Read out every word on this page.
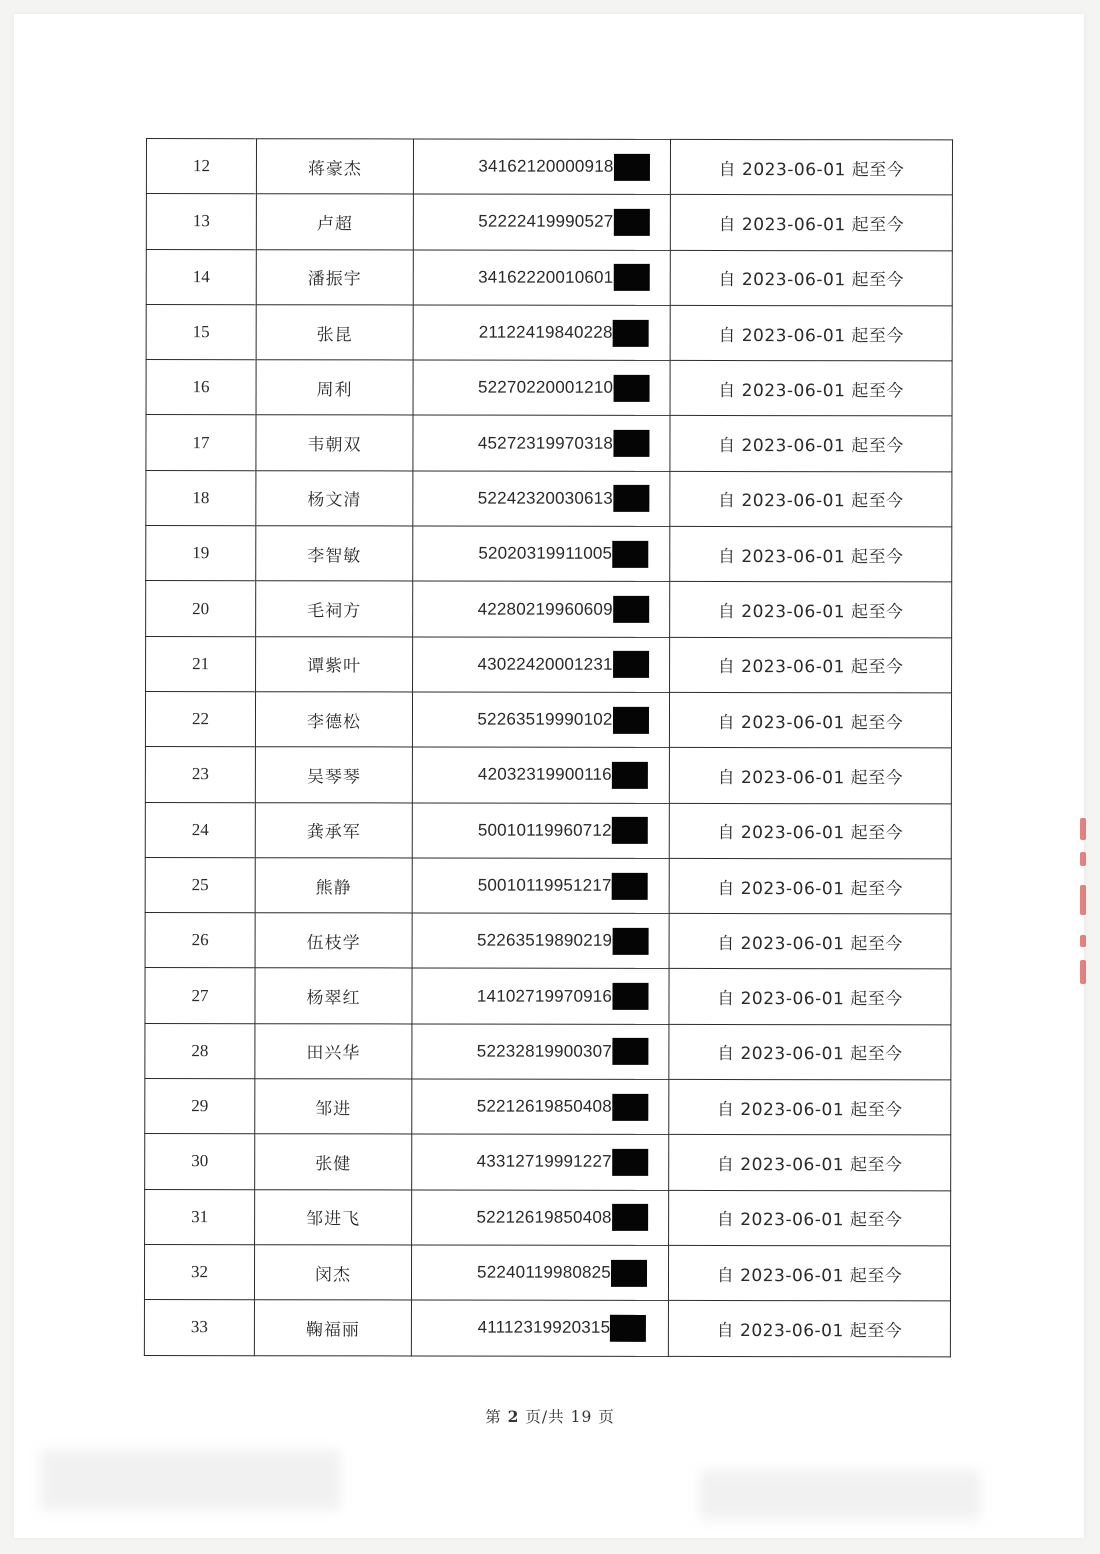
12	蒋豪杰	34162120000918	自 2023-06-01 起至今
13	卢超	52222419990527	自 2023-06-01 起至今
14	潘振宇	34162220010601	自 2023-06-01 起至今
15	张昆	21122419840228	自 2023-06-01 起至今
16	周利	52270220001210	自 2023-06-01 起至今
17	韦朝双	45272319970318	自 2023-06-01 起至今
18	杨文清	52242320030613	自 2023-06-01 起至今
19	李智敏	52020319911005	自 2023-06-01 起至今
20	毛祠方	42280219960609	自 2023-06-01 起至今
21	谭紫叶	43022420001231	自 2023-06-01 起至今
22	李德松	52263519990102	自 2023-06-01 起至今
23	吴琴琴	42032319900116	自 2023-06-01 起至今
24	龚承军	50010119960712	自 2023-06-01 起至今
25	熊静	50010119951217	自 2023-06-01 起至今
26	伍枝学	52263519890219	自 2023-06-01 起至今
27	杨翠红	14102719970916	自 2023-06-01 起至今
28	田兴华	52232819900307	自 2023-06-01 起至今
29	邹进	52212619850408	自 2023-06-01 起至今
30	张健	43312719991227	自 2023-06-01 起至今
31	邹进飞	52212619850408	自 2023-06-01 起至今
32	闵杰	52240119980825	自 2023-06-01 起至今
33	鞠福丽	41112319920315	自 2023-06-01 起至今
第 2 页/共 19 页
